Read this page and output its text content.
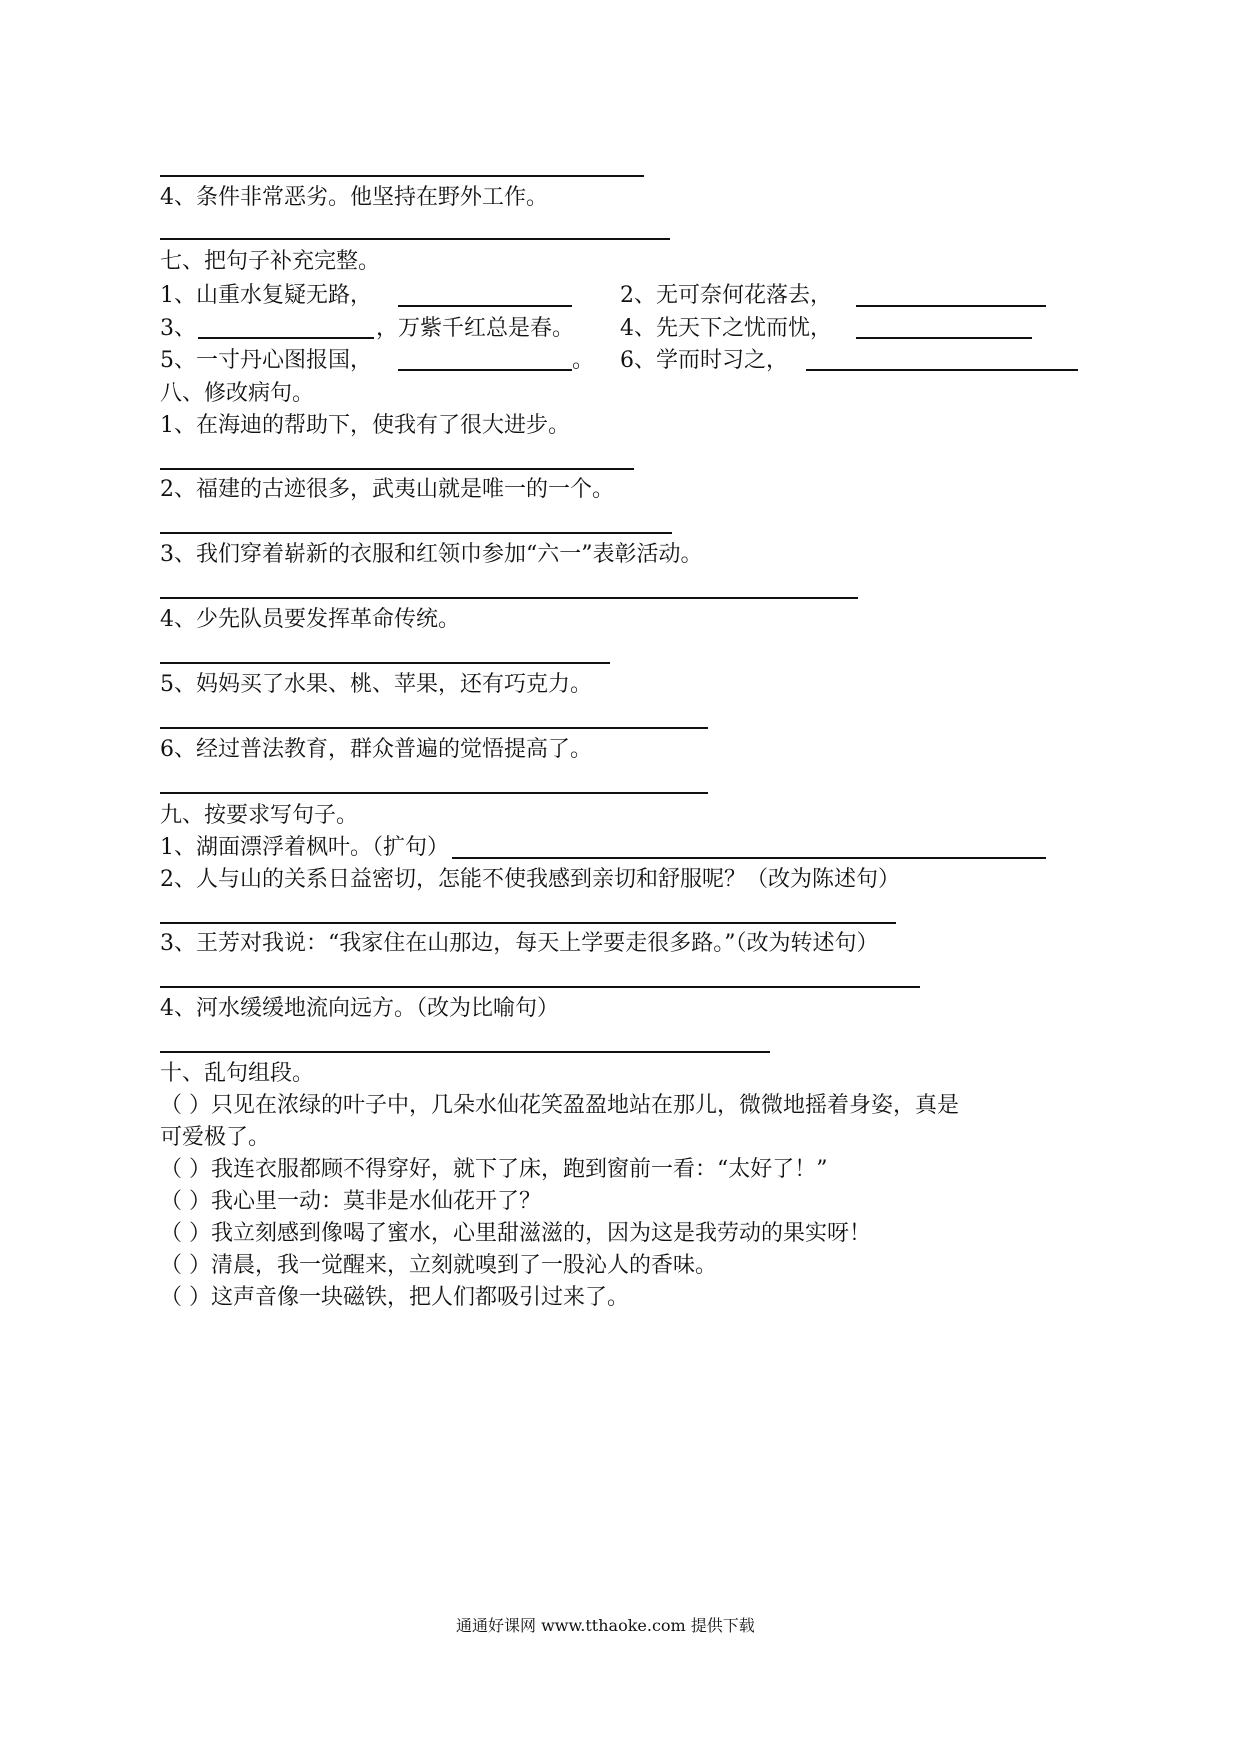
4、条件非常恶劣。他坚持在野外工作。
七、把句子补充完整。
1、山重水复疑无路，	2、无可奈何花落去，
3、	，万紫千红总是春。 4、先天下之忧而忧，
5、一寸丹心图报国，	。 6、学而时习之，
八、修改病句。
1、在海迪的帮助下，使我有了很大进步。
2、福建的古迹很多，武夷山就是唯一的一个。
3、我们穿着崭新的衣服和红领巾参加“六一”表彰活动。
4、少先队员要发挥革命传统。
5、妈妈买了水果、桃、苹果，还有巧克力。
6、经过普法教育，群众普遍的觉悟提高了。
九、按要求写句子。
1、湖面漂浮着枫叶。（扩句）
2、人与山的关系日益密切，怎能不使我感到亲切和舒服呢？（改为陈述句）
3、王芳对我说：“我家住在山那边，每天上学要走很多路。”（改为转述句）
4、河水缓缓地流向远方。（改为比喻句）
十、乱句组段。
（ ）只见在浓绿的叶子中，几朵水仙花笑盈盈地站在那儿，微微地摇着身姿，真是
可爱极了。
（ ）我连衣服都顾不得穿好，就下了床，跑到窗前一看：“太好了！”
（ ）我心里一动：莫非是水仙花开了？
（ ）我立刻感到像喝了蜜水，心里甜滋滋的，因为这是我劳动的果实呀！
（ ）清晨，我一觉醒来，立刻就嗅到了一股沁人的香味。
（ ）这声音像一块磁铁，把人们都吸引过来了。
通通好课网 www.tthaoke.com 提供下载
